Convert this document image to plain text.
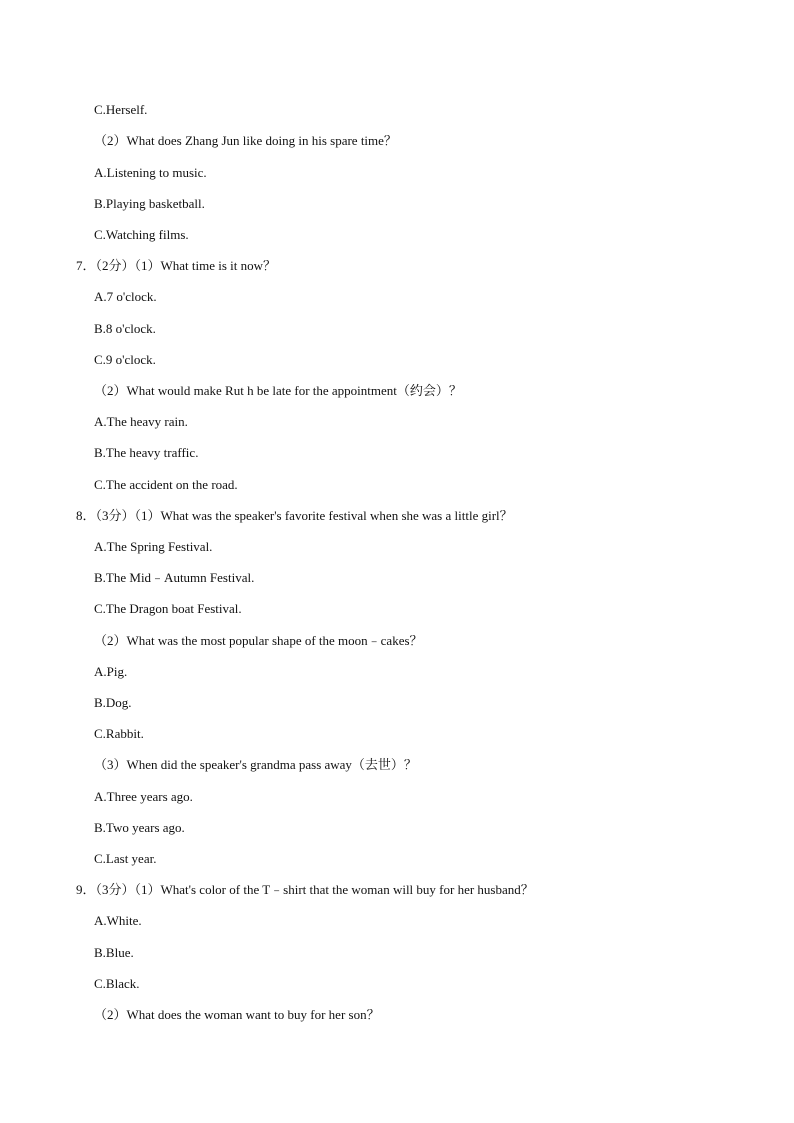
C.Herself.
（2）What does Zhang Jun like doing in his spare time？
A.Listening to music.
B.Playing basketball.
C.Watching films.
7．（2分）（1）What time is it now？
A.7 o'clock.
B.8 o'clock.
C.9 o'clock.
（2）What would make Rut h be late for the appointment（约会）？
A.The heavy rain.
B.The heavy traffic.
C.The accident on the road.
8．（3分）（1）What was the speaker's favorite festival when she was a little girl？
A.The Spring Festival.
B.The Mid﹣Autumn Festival.
C.The Dragon boat Festival.
（2）What was the most popular shape of the moon﹣cakes？
A.Pig.
B.Dog.
C.Rabbit.
（3）When did the speaker's grandma pass away（去世）？
A.Three years ago.
B.Two years ago.
C.Last year.
9．（3分）（1）What's color of the T﹣shirt that the woman will buy for her husband？
A.White.
B.Blue.
C.Black.
（2）What does the woman want to buy for her son？
